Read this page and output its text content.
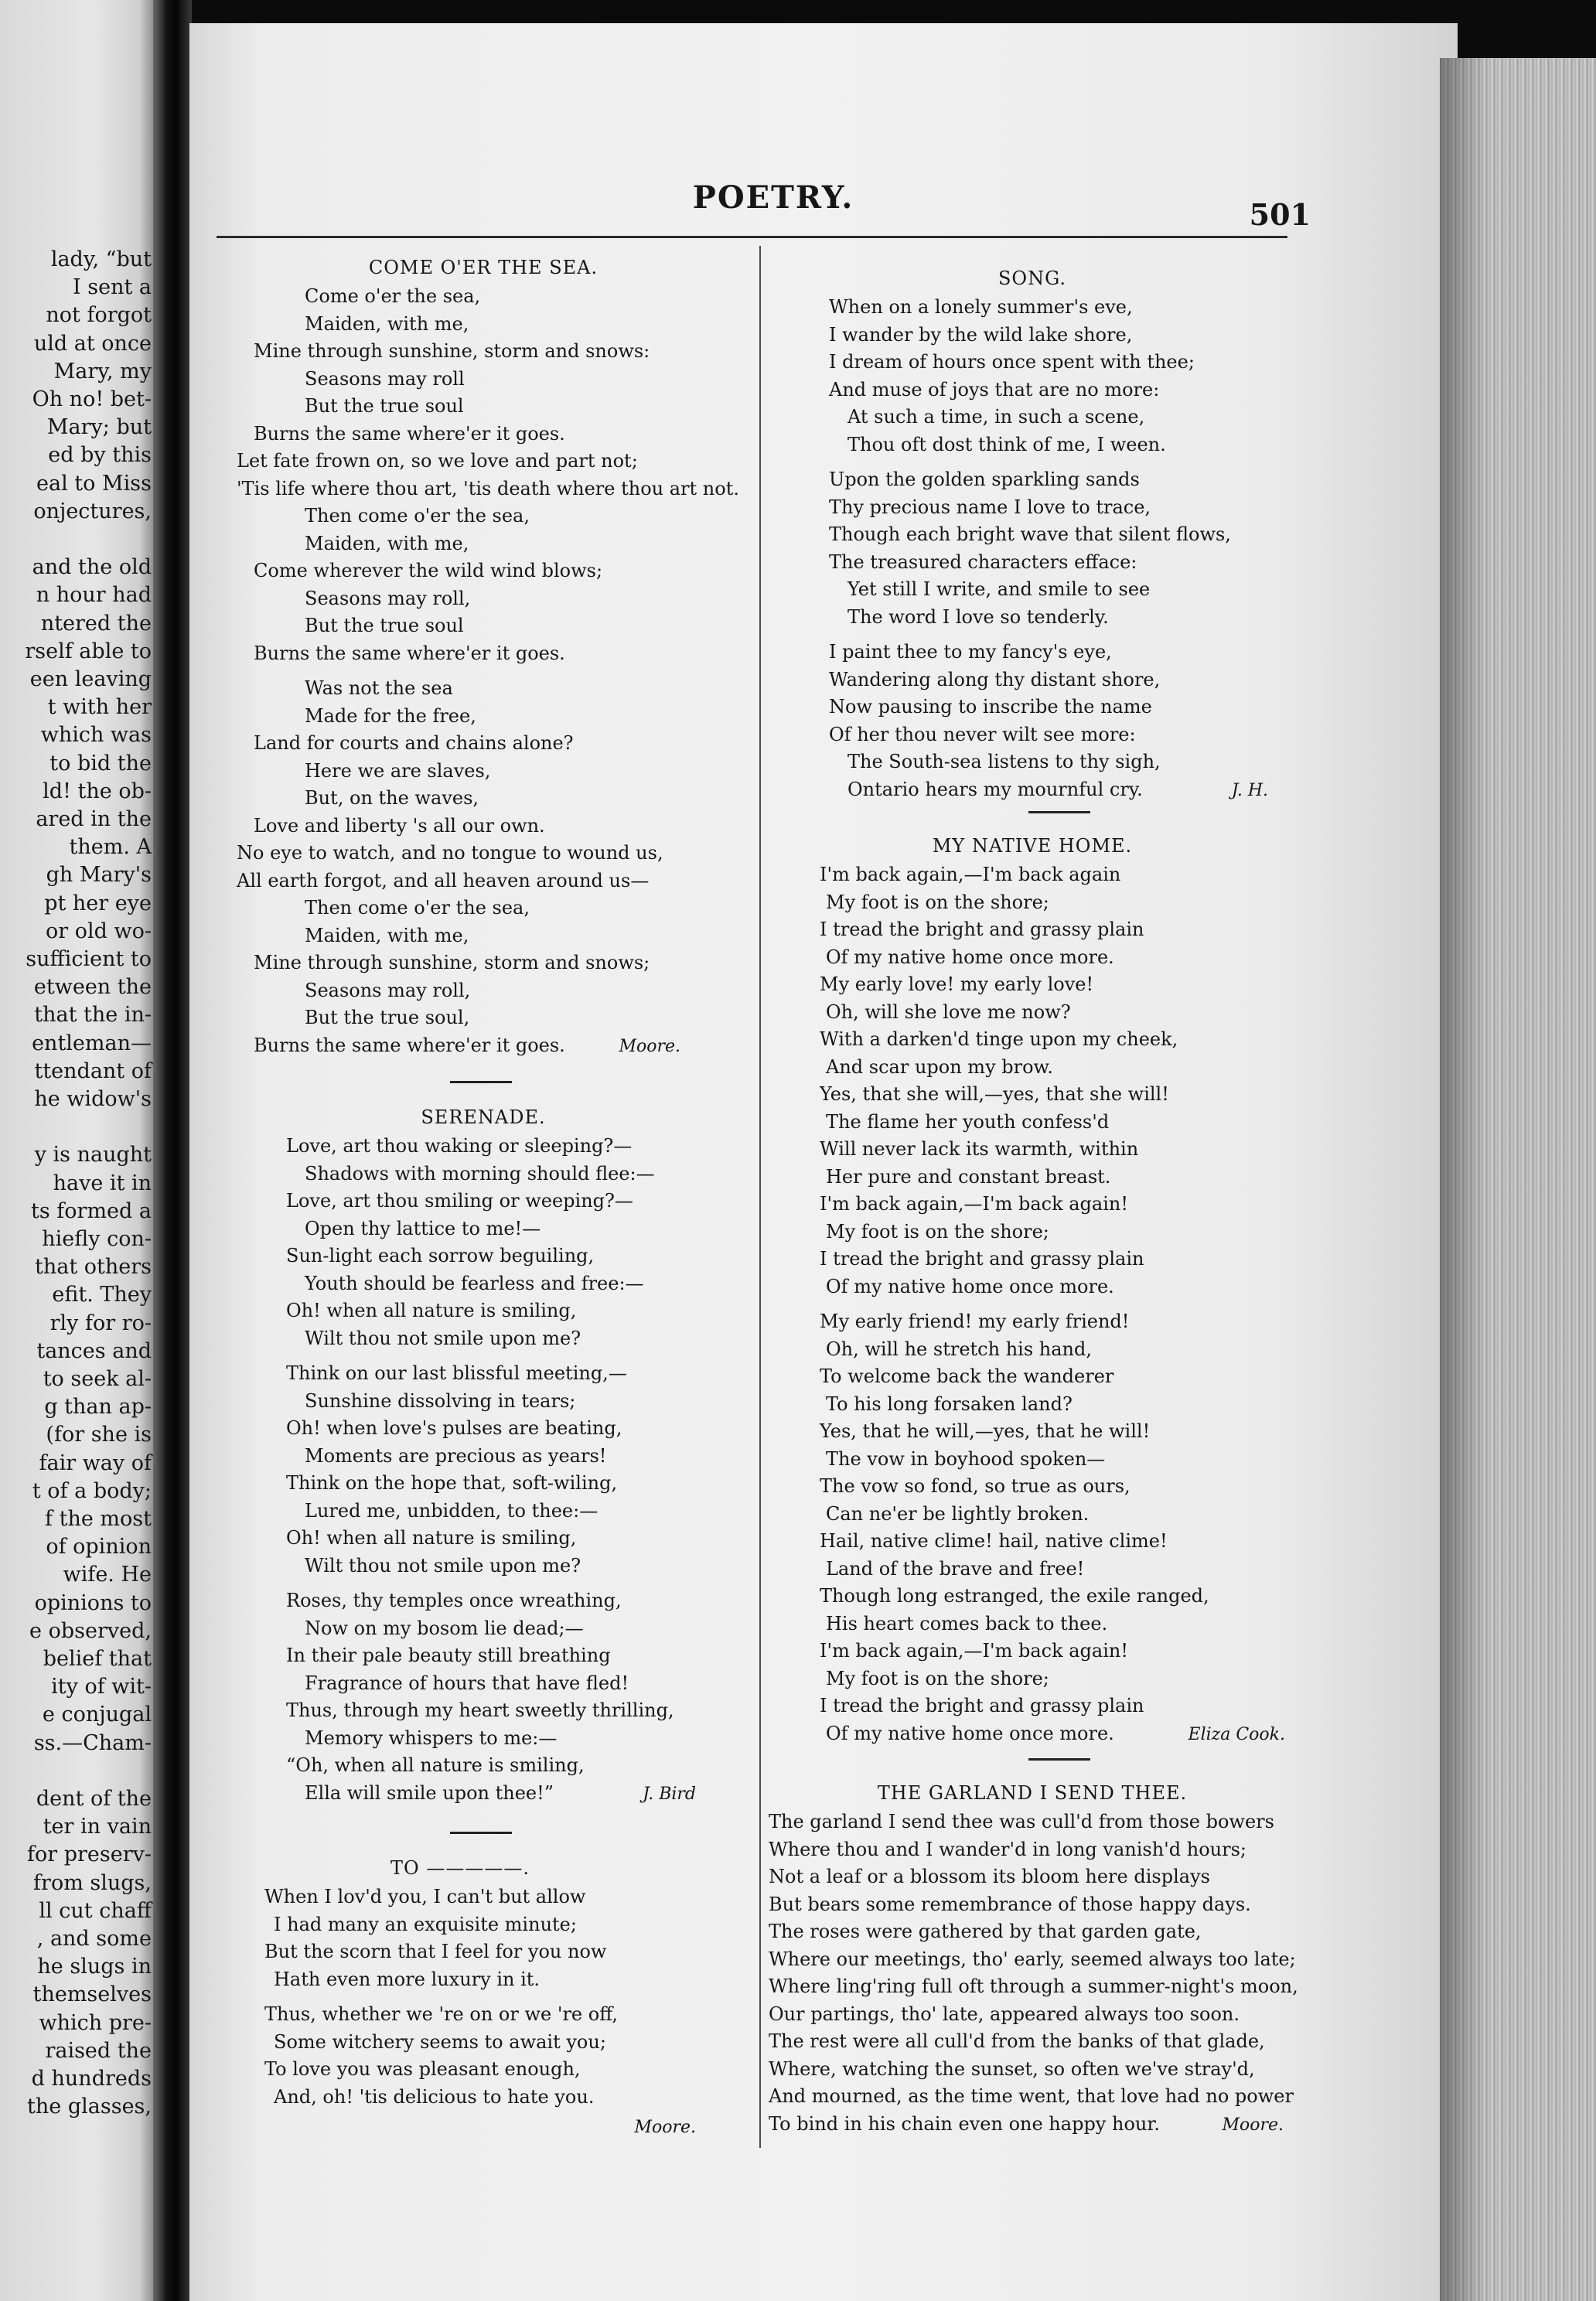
lady, “but
I sent a
not forgot
uld at once
Mary, my
Oh no! bet-
Mary; but
ed by this
eal to Miss
onjectures,
and the old
n hour had
ntered the
rself able to
een leaving
t with her
which was
to bid the
ld! the ob-
ared in the
them. A
gh Mary's
pt her eye
or old wo-
sufficient to
etween the
that the in-
entleman—
ttendant of
he widow's
y is naught
have it in
ts formed a
hiefly con-
that others
efit. They
rly for ro-
tances and
to seek al-
g than ap-
(for she is
fair way of
t of a body;
f the most
of opinion
wife. He
opinions to
e observed,
belief that
ity of wit-
e conjugal
ss.—Cham-
dent of the
ter in vain
for preserv-
from slugs,
ll cut chaff
, and some
he slugs in
themselves
which pre-
raised the
d hundreds
the glasses,
POETRY.	501
COME O'ER THE SEA.
Come o'er the sea,
Maiden, with me,
Mine through sunshine, storm and snows:
Seasons may roll
But the true soul
Burns the same where'er it goes.
Let fate frown on, so we love and part not;
'Tis life where thou art, 'tis death where thou art not.
Then come o'er the sea,
Maiden, with me,
Come wherever the wild wind blows;
Seasons may roll,
But the true soul
Burns the same where'er it goes.
Was not the sea
Made for the free,
Land for courts and chains alone?
Here we are slaves,
But, on the waves,
Love and liberty 's all our own.
No eye to watch, and no tongue to wound us,
All earth forgot, and all heaven around us—
Then come o'er the sea,
Maiden, with me,
Mine through sunshine, storm and snows;
Seasons may roll,
But the true soul,
Burns the same where'er it goes.	Moore.
SERENADE.
Love, art thou waking or sleeping?—
Shadows with morning should flee:—
Love, art thou smiling or weeping?—
Open thy lattice to me!—
Sun-light each sorrow beguiling,
Youth should be fearless and free:—
Oh! when all nature is smiling,
Wilt thou not smile upon me?
Think on our last blissful meeting,—
Sunshine dissolving in tears;
Oh! when love's pulses are beating,
Moments are precious as years!
Think on the hope that, soft-wiling,
Lured me, unbidden, to thee:—
Oh! when all nature is smiling,
Wilt thou not smile upon me?
Roses, thy temples once wreathing,
Now on my bosom lie dead;—
In their pale beauty still breathing
Fragrance of hours that have fled!
Thus, through my heart sweetly thrilling,
Memory whispers to me:—
“Oh, when all nature is smiling,
Ella will smile upon thee!”	J. Bird
TO —————.
When I lov'd you, I can't but allow
I had many an exquisite minute;
But the scorn that I feel for you now
Hath even more luxury in it.
Thus, whether we 're on or we 're off,
Some witchery seems to await you;
To love you was pleasant enough,
And, oh! 'tis delicious to hate you.
Moore.
SONG.
When on a lonely summer's eve,
I wander by the wild lake shore,
I dream of hours once spent with thee;
And muse of joys that are no more:
At such a time, in such a scene,
Thou oft dost think of me, I ween.
Upon the golden sparkling sands
Thy precious name I love to trace,
Though each bright wave that silent flows,
The treasured characters efface:
Yet still I write, and smile to see
The word I love so tenderly.
I paint thee to my fancy's eye,
Wandering along thy distant shore,
Now pausing to inscribe the name
Of her thou never wilt see more:
The South-sea listens to thy sigh,
Ontario hears my mournful cry.	J. H.
MY NATIVE HOME.
I'm back again,—I'm back again
My foot is on the shore;
I tread the bright and grassy plain
Of my native home once more.
My early love! my early love!
Oh, will she love me now?
With a darken'd tinge upon my cheek,
And scar upon my brow.
Yes, that she will,—yes, that she will!
The flame her youth confess'd
Will never lack its warmth, within
Her pure and constant breast.
I'm back again,—I'm back again!
My foot is on the shore;
I tread the bright and grassy plain
Of my native home once more.
My early friend! my early friend!
Oh, will he stretch his hand,
To welcome back the wanderer
To his long forsaken land?
Yes, that he will,—yes, that he will!
The vow in boyhood spoken—
The vow so fond, so true as ours,
Can ne'er be lightly broken.
Hail, native clime! hail, native clime!
Land of the brave and free!
Though long estranged, the exile ranged,
His heart comes back to thee.
I'm back again,—I'm back again!
My foot is on the shore;
I tread the bright and grassy plain
Of my native home once more.	Eliza Cook.
THE GARLAND I SEND THEE.
The garland I send thee was cull'd from those bowers
Where thou and I wander'd in long vanish'd hours;
Not a leaf or a blossom its bloom here displays
But bears some remembrance of those happy days.
The roses were gathered by that garden gate,
Where our meetings, tho' early, seemed always too late;
Where ling'ring full oft through a summer-night's moon,
Our partings, tho' late, appeared always too soon.
The rest were all cull'd from the banks of that glade,
Where, watching the sunset, so often we've stray'd,
And mourned, as the time went, that love had no power
To bind in his chain even one happy hour.	Moore.
